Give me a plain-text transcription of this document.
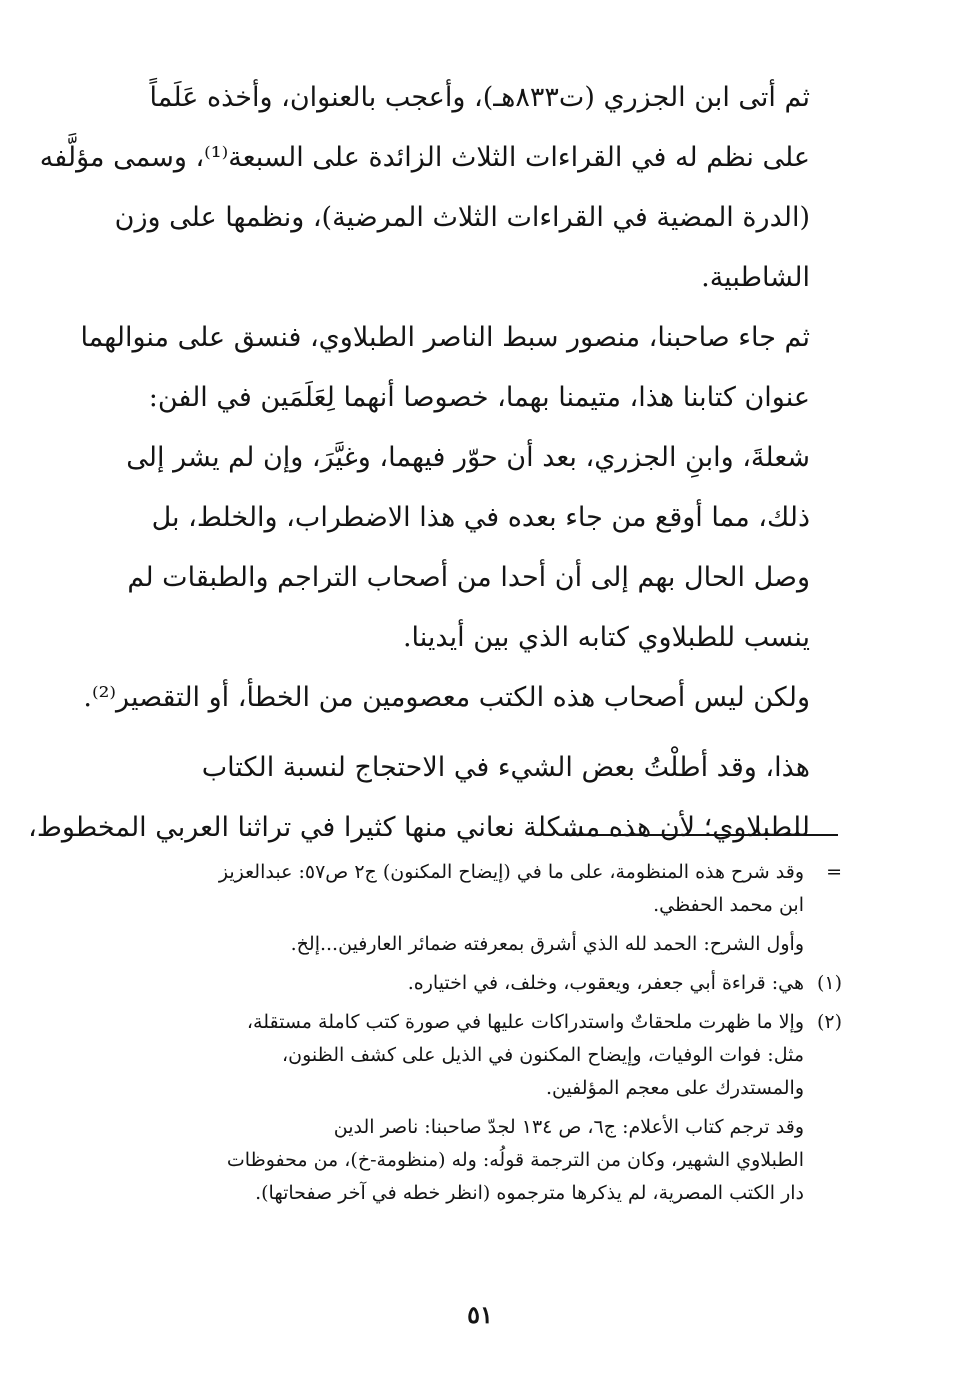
ثم أتى ابن الجزري (ت٨٣٣هـ)، وأعجب بالعنوان، وأخذه عَلَماً
على نظم له في القراءات الثلاث الزائدة على السبعة⁽¹⁾، وسمى مؤلَّفه
(الدرة المضية في القراءات الثلاث المرضية)، ونظمها على وزن
الشاطبية.

ثم جاء صاحبنا، منصور سبط الناصر الطبلاوي، فنسق على منوالهما
عنوان كتابنا هذا، متيمنا بهما، خصوصا أنهما لِعَلَمَين في الفن:
شعلةَ، وابنِ الجزري، بعد أن حوّر فيهما، وغيَّرَ، وإن لم يشر إلى
ذلك، مما أوقع من جاء بعده في هذا الاضطراب، والخلط، بل
وصل الحال بهم إلى أن أحدا من أصحاب التراجم والطبقات لم
ينسب للطبلاوي كتابه الذي بين أيدينا.

ولكن ليس أصحاب هذه الكتب معصومين من الخطأ، أو التقصير⁽²⁾.

هذا، وقد أطلْتُ بعض الشيء في الاحتجاج لنسبة الكتاب
للطبلاوي؛ لأن هذه مشكلة نعاني منها كثيرا في تراثنا العربي المخطوط،

=
وقد شرح هذه المنظومة، على ما في (إيضاح المكنون) ج٢ ص٥٧: عبدالعزيز
ابن محمد الحفظي.
وأول الشرح: الحمد لله الذي أشرق بمعرفته ضمائر العارفين...إلخ.
(١)
هي: قراءة أبي جعفر، ويعقوب، وخلف، في اختياره.
(٢)
وإلا ما ظهرت ملحقاتٌ واستدراكات عليها في صورة كتب كاملة مستقلة،
مثل: فوات الوفيات، وإيضاح المكنون في الذيل على كشف الظنون،
والمستدرك على معجم المؤلفين.
وقد ترجم كتاب الأعلام: ج٦، ص ١٣٤ لجدّ صاحبنا: ناصر الدين
الطبلاوي الشهير، وكان من الترجمة قولُه: وله (منظومة-خ)، من محفوظات
دار الكتب المصرية، لم يذكرها مترجموه (انظر خطه في آخر صفحاتها).
٥١
